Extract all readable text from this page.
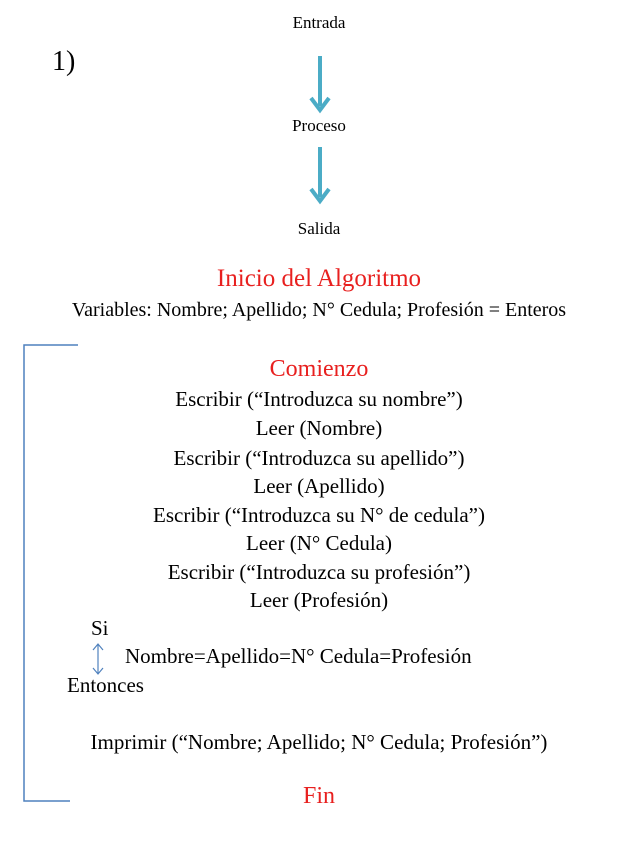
1)
Entrada
Proceso
Salida
Inicio del Algoritmo
Variables: Nombre; Apellido; N° Cedula; Profesión = Enteros
Comienzo
Escribir (“Introduzca su nombre”)
Leer (Nombre)
Escribir (“Introduzca su apellido”)
Leer (Apellido)
Escribir (“Introduzca su N° de cedula”)
Leer (N° Cedula)
Escribir (“Introduzca su profesión”)
Leer (Profesión)
Si
Nombre=Apellido=N° Cedula=Profesión
Entonces
Imprimir (“Nombre; Apellido; N° Cedula; Profesión”)
Fin
